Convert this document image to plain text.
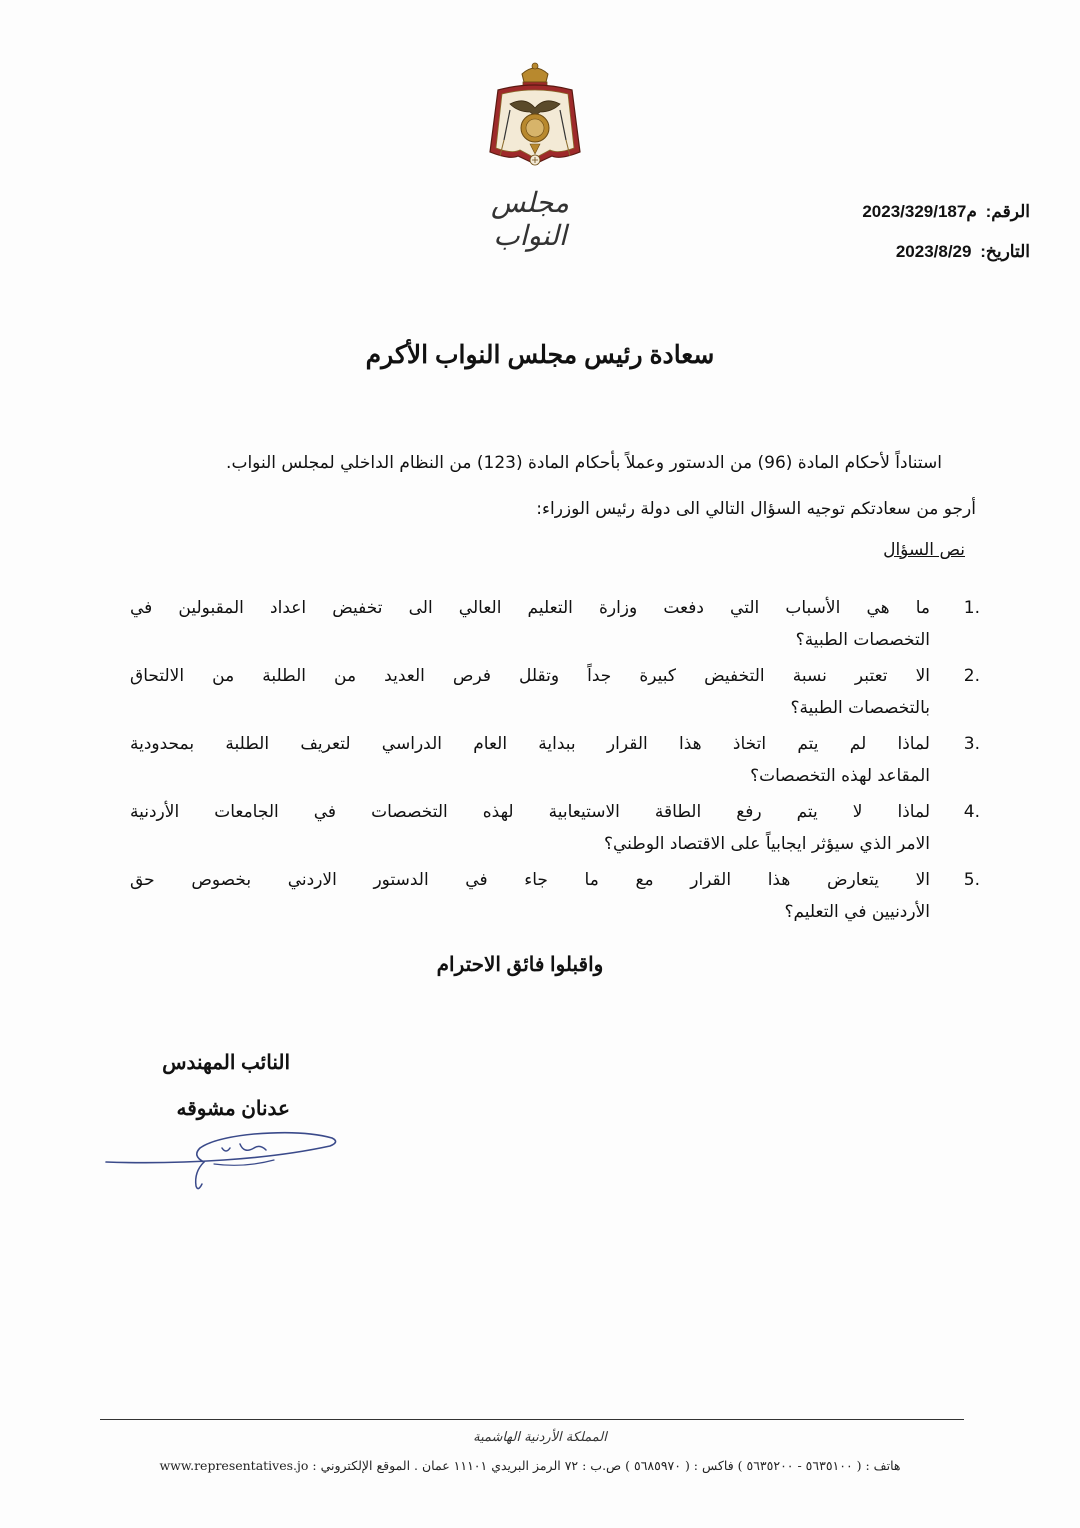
مجلس النواب
الرقم: م2023/329/187
التاريخ: 2023/8/29
سعادة رئيس مجلس النواب الأكرم
استناداً لأحكام المادة (96) من الدستور وعملاً بأحكام المادة (123) من النظام الداخلي لمجلس النواب.
أرجو من سعادتكم توجيه السؤال التالي الى دولة رئيس الوزراء:
نص السؤال
1.
ما هي الأسباب التي دفعت وزارة التعليم العالي الى تخفيض اعداد المقبولين في
التخصصات الطبية؟
2.
الا تعتبر نسبة التخفيض كبيرة جداً وتقلل فرص العديد من الطلبة من الالتحاق
بالتخصصات الطبية؟
3.
لماذا لم يتم اتخاذ هذا القرار ببداية العام الدراسي لتعريف الطلبة بمحدودية
المقاعد لهذه التخصصات؟
4.
لماذا لا يتم رفع الطاقة الاستيعابية لهذه التخصصات في الجامعات الأردنية
الامر الذي سيؤثر ايجابياً على الاقتصاد الوطني؟
5.
الا يتعارض هذا القرار مع ما جاء في الدستور الاردني بخصوص حق
الأردنيين في التعليم؟
واقبلوا فائق الاحترام
النائب المهندس
عدنان مشوقه
المملكة الأردنية الهاشمية
هاتف : ( ٥٦٣٥١٠٠ - ٥٦٣٥٢٠٠ ) فاكس : ( ٥٦٨٥٩٧٠ ) ص.ب : ٧٢ الرمز البريدي ١١١٠١ عمان . الموقع الإلكتروني : www.representatives.jo
